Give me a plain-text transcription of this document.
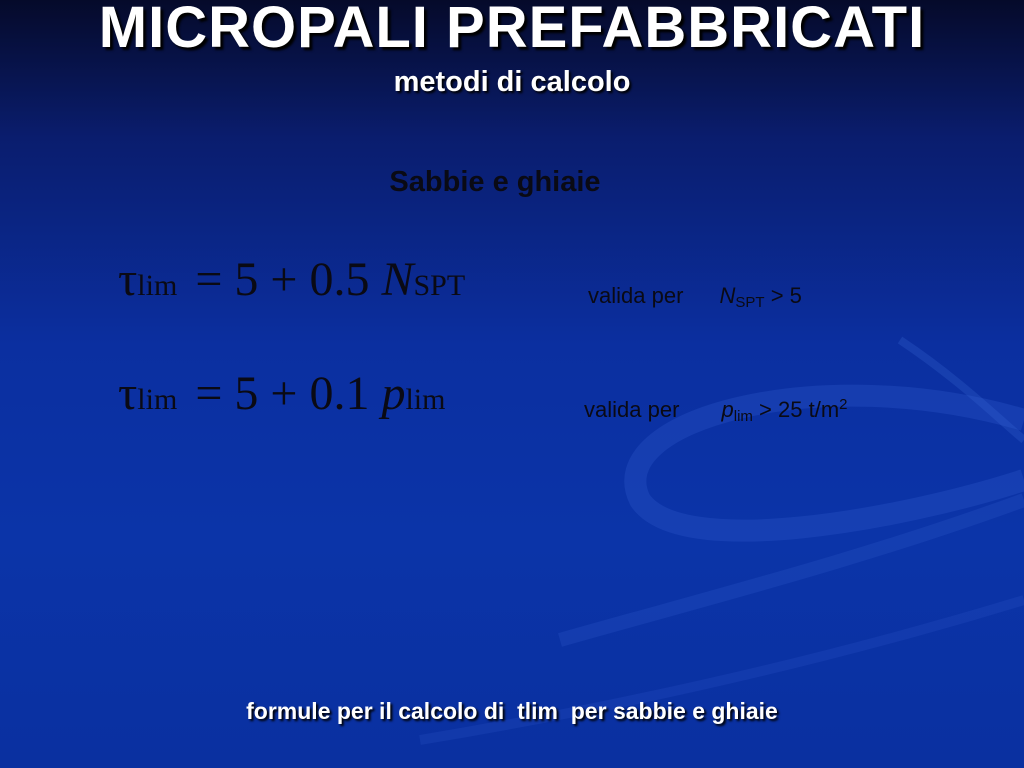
MICROPALI PREFABBRICATI
metodi di calcolo
Sabbie e ghiaie
τlim = 5 + 0.5 NSPT	valida per $N_{SPT} > 5$
τlim = 5 + 0.1 plim	valida per $p_{lim} > 25$ $t/m^2$
formule per il calcolo di  tlim  per sabbie e ghiaie
